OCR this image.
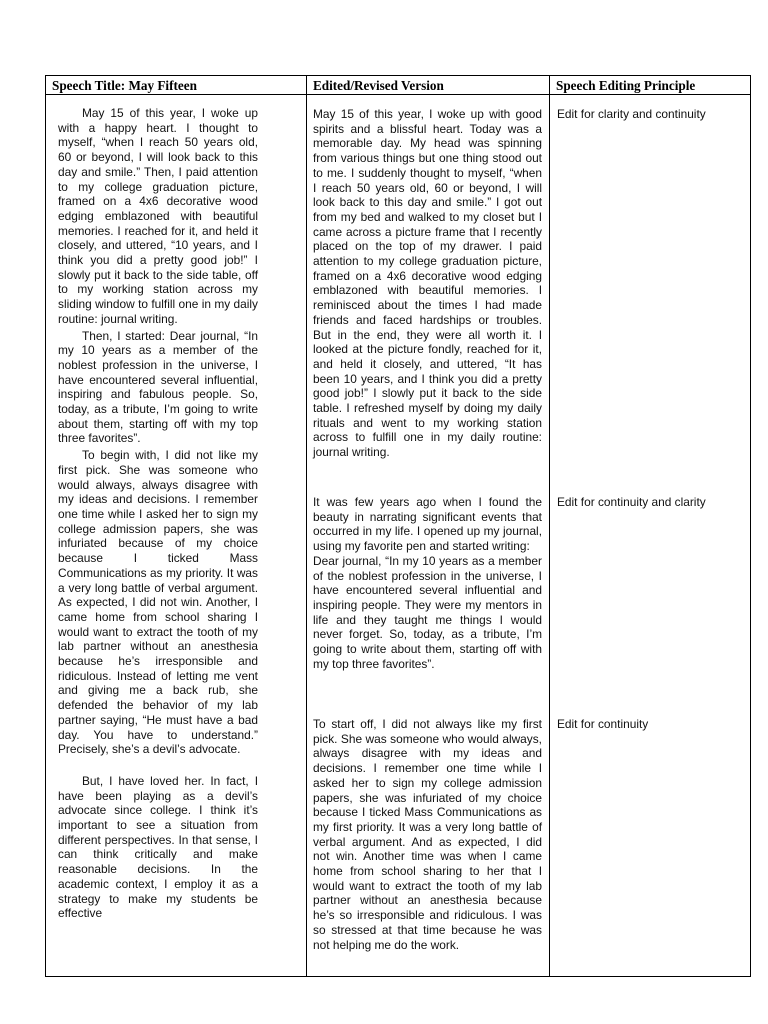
Speech Title: May Fifteen	Edited/Revised Version	Speech Editing Principle

May 15 of this year, I woke up with a happy heart. I thought to myself, “when I reach 50 years old, 60 or beyond, I will look back to this day and smile.” Then, I paid attention to my college graduation picture, framed on a 4x6 decorative wood edging emblazoned with beautiful memories. I reached for it, and held it closely, and uttered, “10 years, and I think you did a pretty good job!” I slowly put it back to the side table, off to my working station across my sliding window to fulfill one in my daily routine: journal writing.

Then, I started: Dear journal, “In my 10 years as a member of the noblest profession in the universe, I have encountered several influential, inspiring and fabulous people. So, today, as a tribute, I’m going to write about them, starting off with my top three favorites”.

To begin with, I did not like my first pick. She was someone who would always, always disagree with my ideas and decisions. I remember one time while I asked her to sign my college admission papers, she was infuriated because of my choice because I ticked Mass Communications as my priority. It was a very long battle of verbal argument. As expected, I did not win. Another, I came home from school sharing I would want to extract the tooth of my lab partner without an anesthesia because he’s irresponsible and ridiculous. Instead of letting me vent and giving me a back rub, she defended the behavior of my lab partner saying, “He must have a bad day. You have to understand.” Precisely, she’s a devil’s advocate.

But, I have loved her. In fact, I have been playing as a devil’s advocate since college. I think it’s important to see a situation from different perspectives. In that sense, I can think critically and make reasonable decisions. In the academic context, I employ it as a strategy to make my students be effective

May 15 of this year, I woke up with good spirits and a blissful heart. Today was a memorable day. My head was spinning from various things but one thing stood out to me. I suddenly thought to myself, “when I reach 50 years old, 60 or beyond, I will look back to this day and smile.” I got out from my bed and walked to my closet but I came across a picture frame that I recently placed on the top of my drawer. I paid attention to my college graduation picture, framed on a 4x6 decorative wood edging emblazoned with beautiful memories. I reminisced about the times I had made friends and faced hardships or troubles. But in the end, they were all worth it. I looked at the picture fondly, reached for it, and held it closely, and uttered, “It has been 10 years, and I think you did a pretty good job!” I slowly put it back to the side table. I refreshed myself by doing my daily rituals and went to my working station across to fulfill one in my daily routine: journal writing.

It was few years ago when I found the beauty in narrating significant events that occurred in my life. I opened up my journal, using my favorite pen and started writing:

Dear journal, “In my 10 years as a member of the noblest profession in the universe, I have encountered several influential and inspiring people. They were my mentors in life and they taught me things I would never forget. So, today, as a tribute, I’m going to write about them, starting off with my top three favorites”.

To start off, I did not always like my first pick. She was someone who would always, always disagree with my ideas and decisions. I remember one time while I asked her to sign my college admission papers, she was infuriated of my choice because I ticked Mass Communications as my first priority. It was a very long battle of verbal argument. And as expected, I did not win. Another time was when I came home from school sharing to her that I would want to extract the tooth of my lab partner without an anesthesia because he’s so irresponsible and ridiculous. I was so stressed at that time because he was not helping me do the work.

Edit for clarity and continuity
Edit for continuity and clarity
Edit for continuity
